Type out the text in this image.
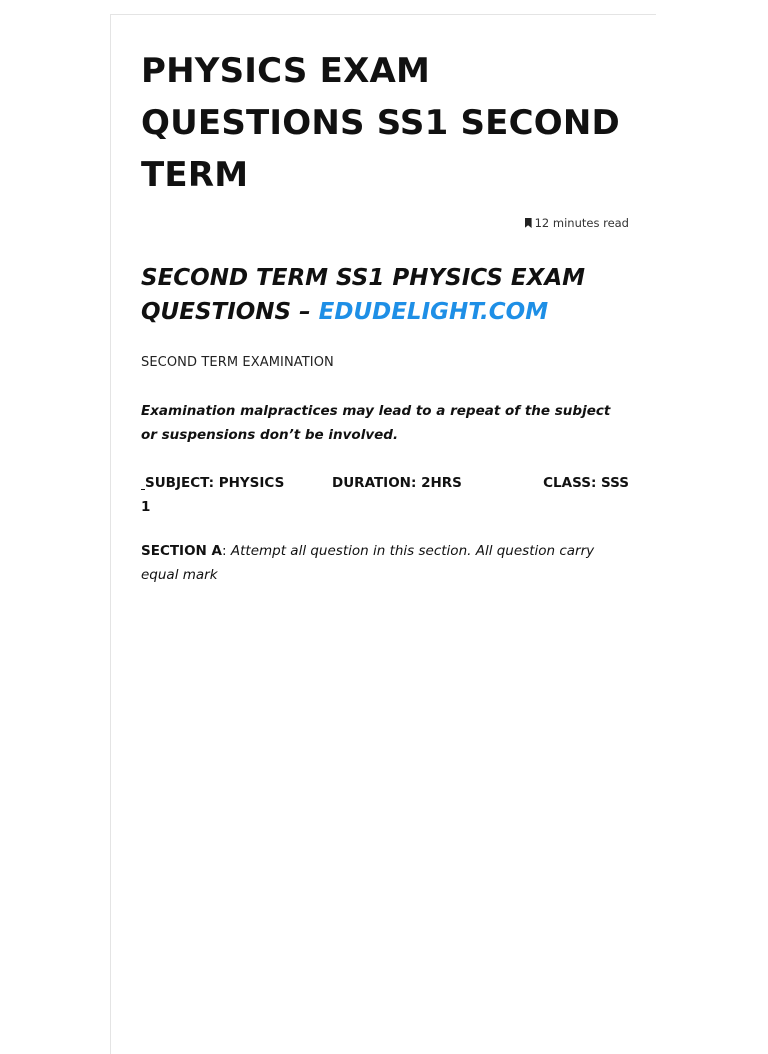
PHYSICS EXAM QUESTIONS SS1 SECOND TERM
12 minutes read
SECOND TERM SS1 PHYSICS EXAM QUESTIONS – EDUDELIGHT.COM

SECOND TERM EXAMINATION

Examination malpractices may lead to a repeat of the subject or suspensions don’t be involved.

SUBJECT: PHYSICS	DURATION: 2HRS	CLASS: SSS
1

SECTION A: Attempt all question in this section. All question carry equal mark
